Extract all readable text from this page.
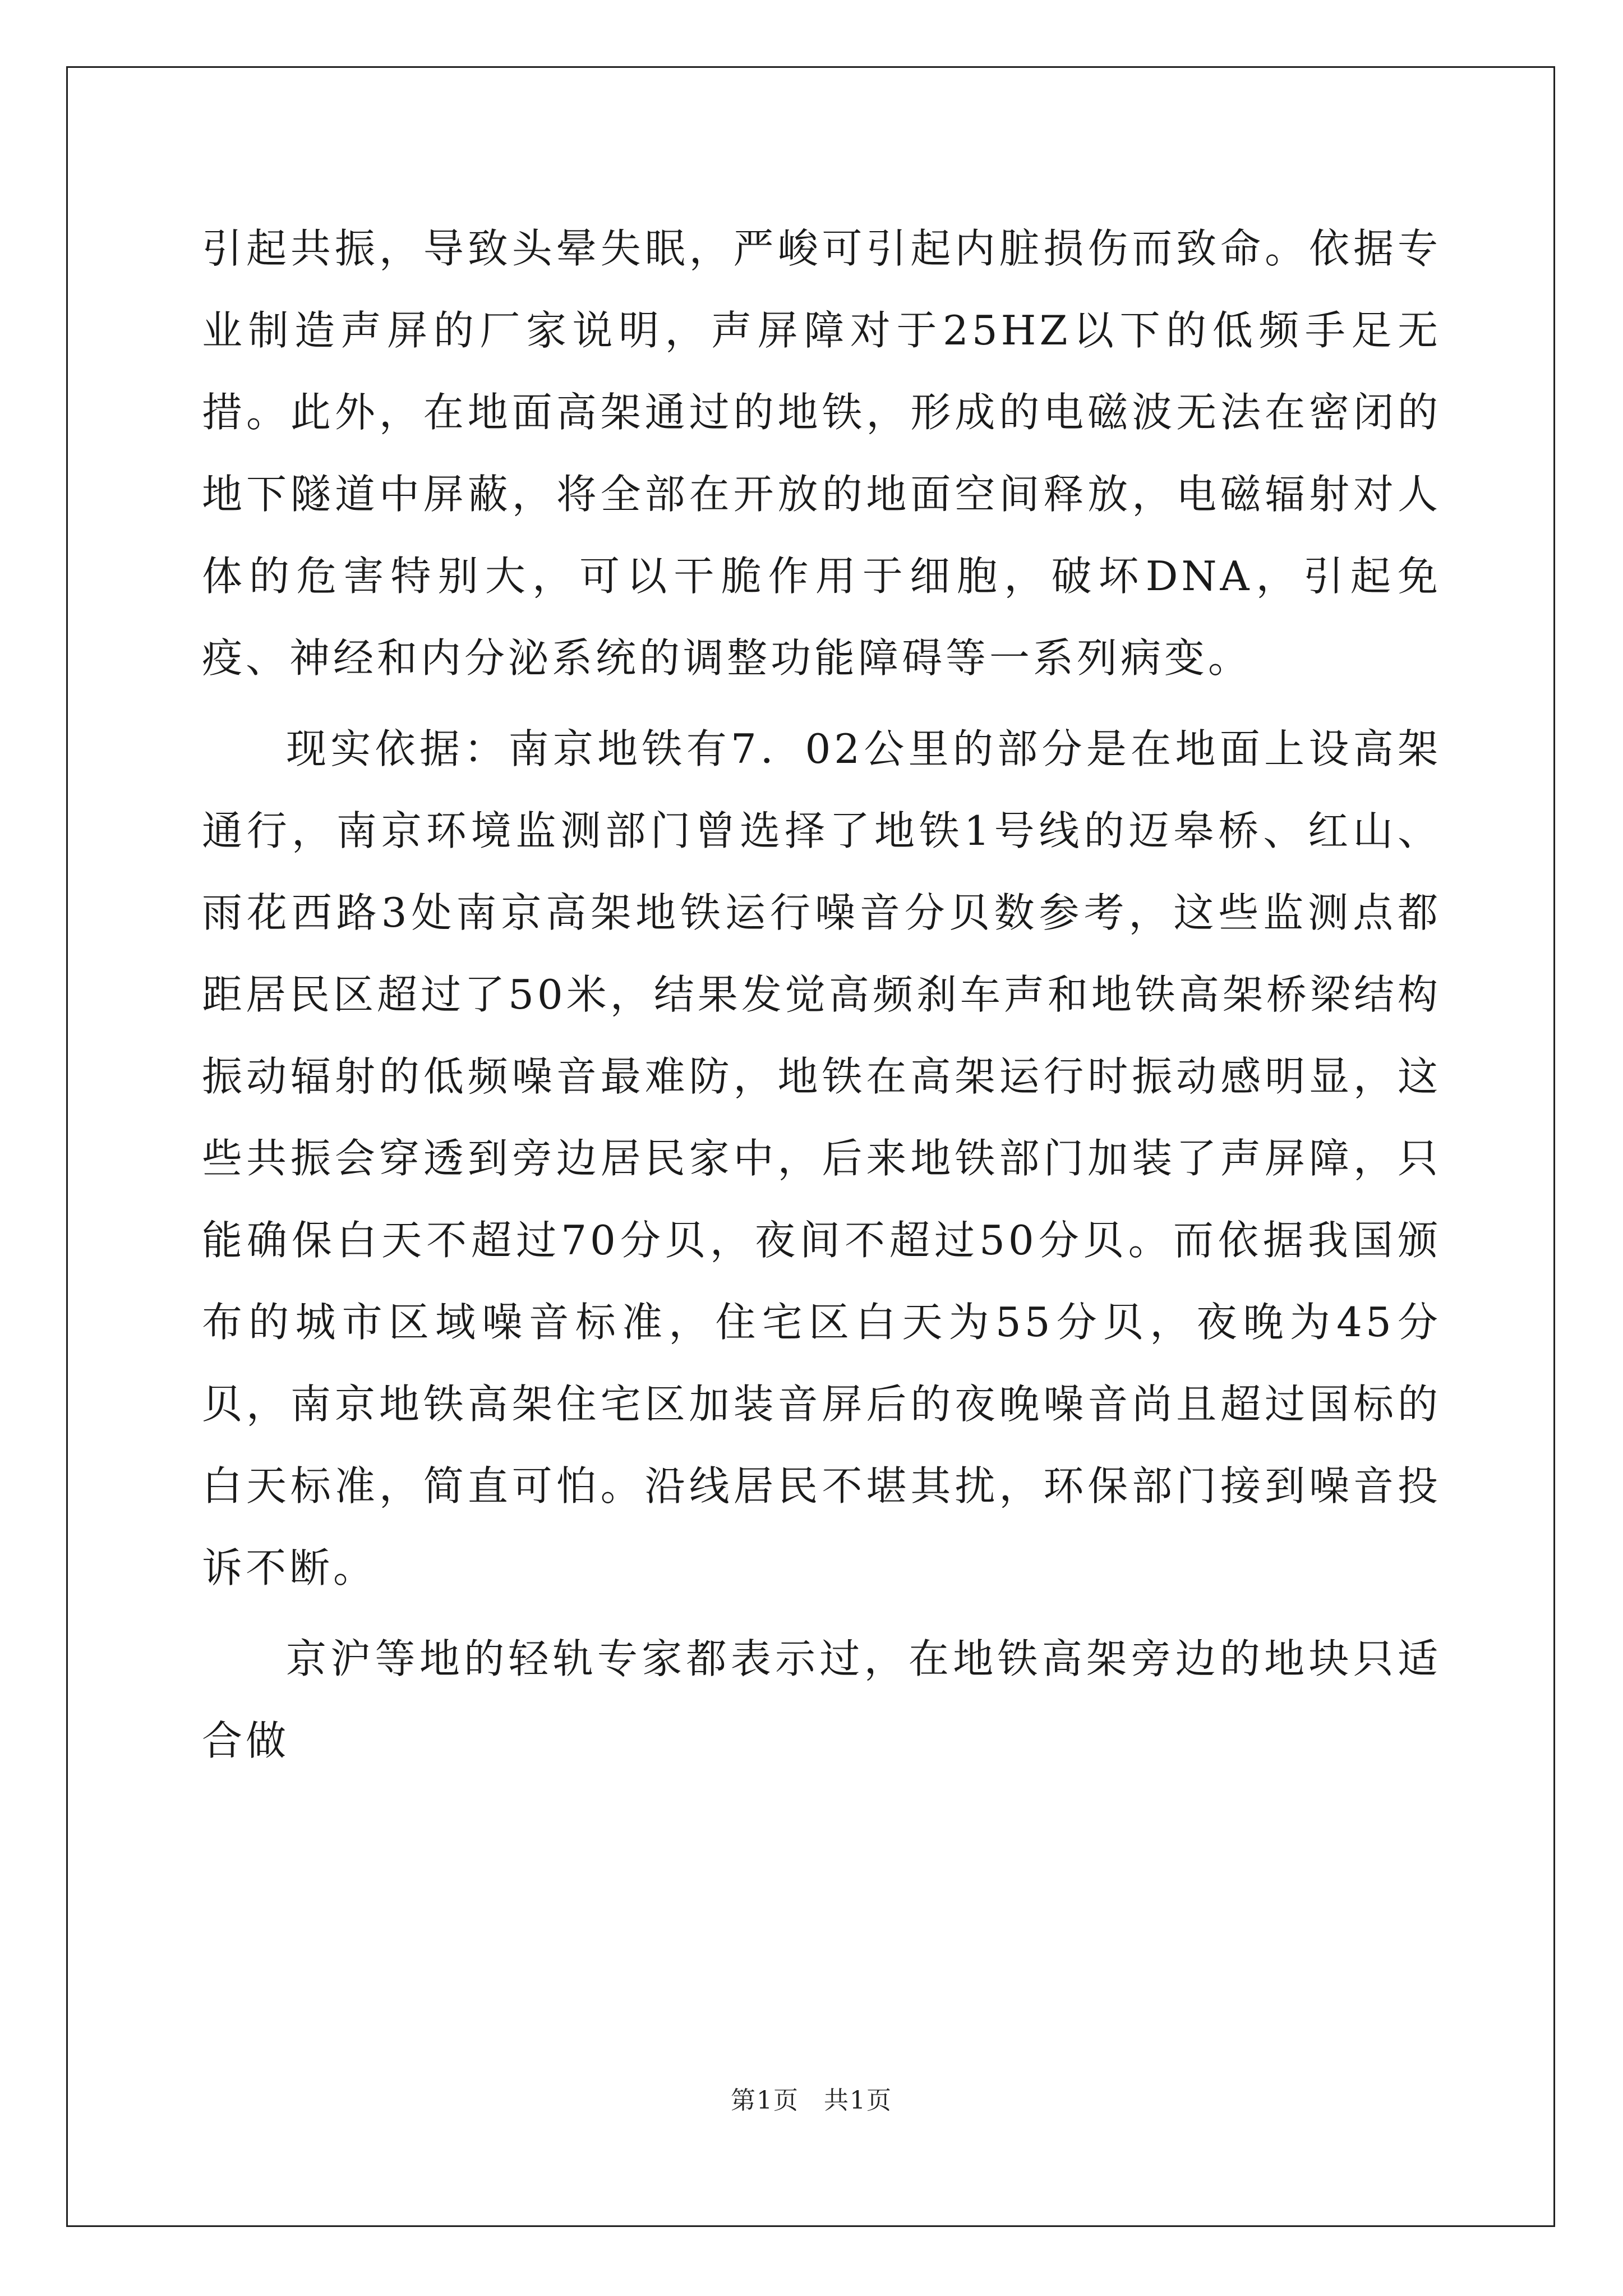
引起共振，导致头晕失眠，严峻可引起内脏损伤而致命。依据专业制造声屏的厂家说明，声屏障对于25HZ以下的低频手足无措。此外，在地面高架通过的地铁，形成的电磁波无法在密闭的地下隧道中屏蔽，将全部在开放的地面空间释放，电磁辐射对人体的危害特别大，可以干脆作用于细胞，破坏DNA，引起免疫、神经和内分泌系统的调整功能障碍等一系列病变。

现实依据：南京地铁有7．02公里的部分是在地面上设高架通行，南京环境监测部门曾选择了地铁1号线的迈皋桥、红山、雨花西路3处南京高架地铁运行噪音分贝数参考，这些监测点都距居民区超过了50米，结果发觉高频刹车声和地铁高架桥梁结构振动辐射的低频噪音最难防，地铁在高架运行时振动感明显，这些共振会穿透到旁边居民家中，后来地铁部门加装了声屏障，只能确保白天不超过70分贝，夜间不超过50分贝。而依据我国颁布的城市区域噪音标准，住宅区白天为55分贝，夜晚为45分贝，南京地铁高架住宅区加装音屏后的夜晚噪音尚且超过国标的白天标准，简直可怕。沿线居民不堪其扰，环保部门接到噪音投诉不断。

京沪等地的轻轨专家都表示过，在地铁高架旁边的地块只适合做

第1页 共1页
